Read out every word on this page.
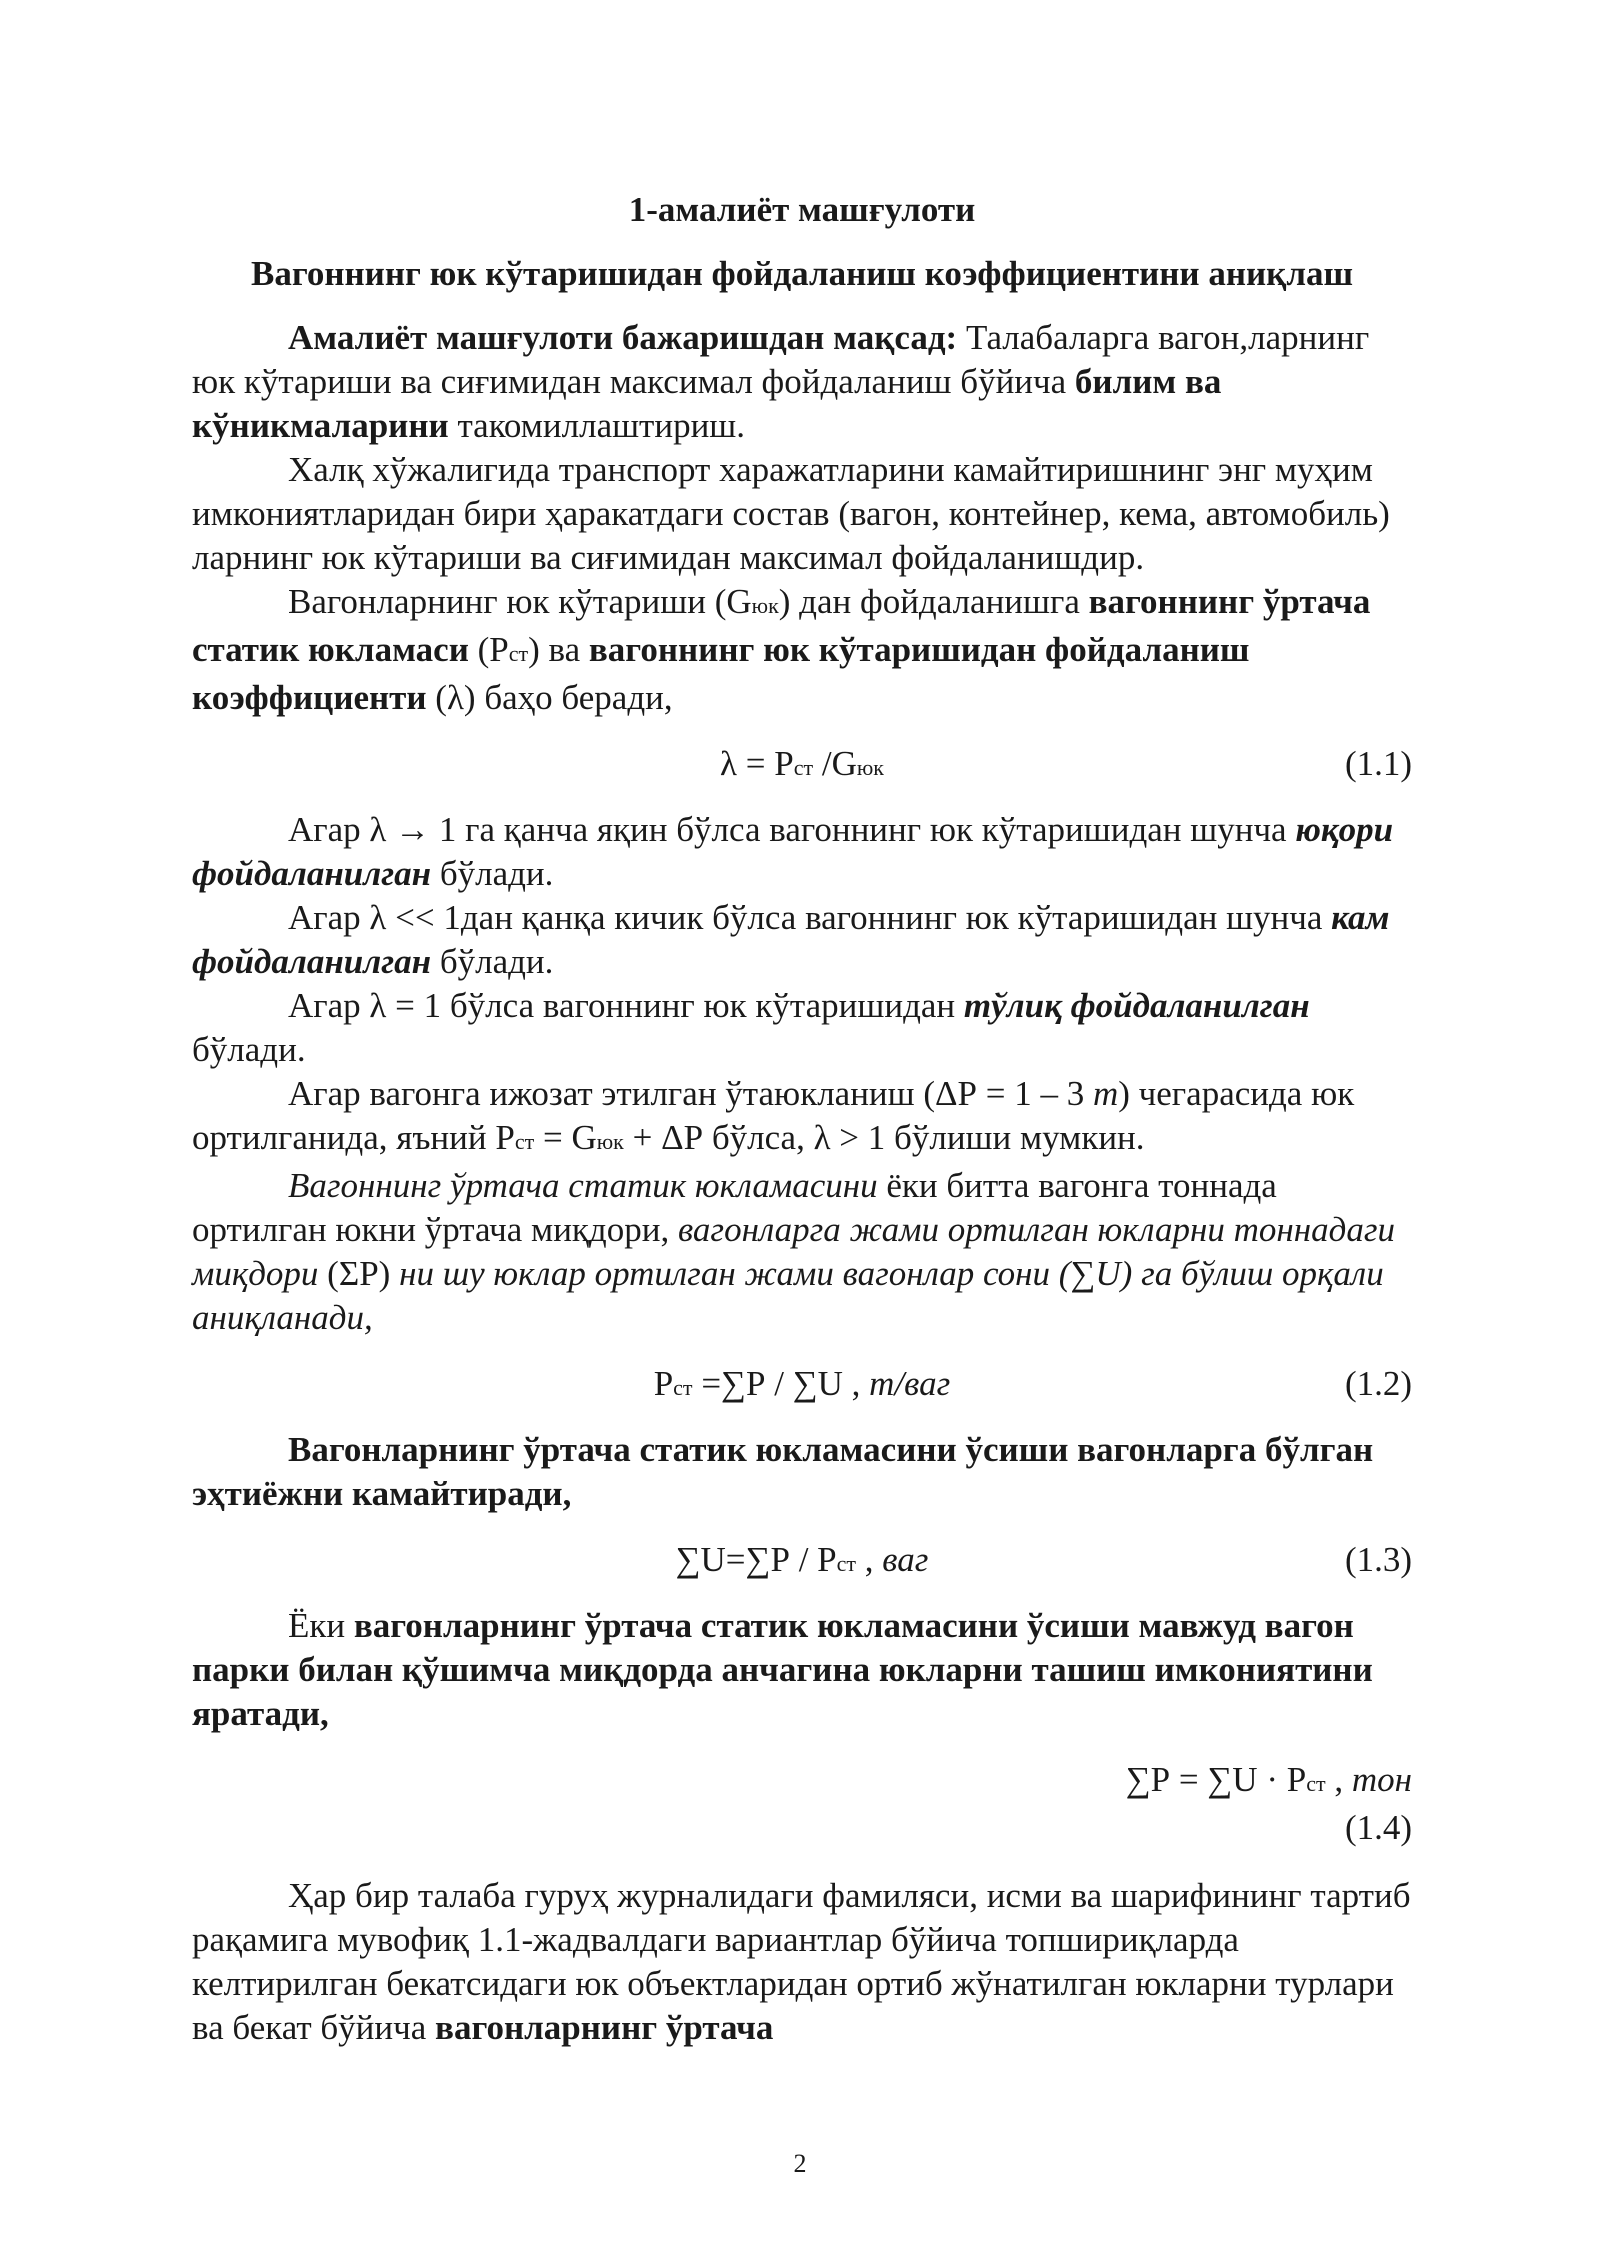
1-амалиёт машғулоти

Вагоннинг юк кўтаришидан фойдаланиш коэффициентини аниқлаш

Амалиёт машғулоти бажаришдан мақсад: Талабаларга вагон,ларнинг юк кўтариши ва сиғимидан максимал фойдаланиш бўйича билим ва кўникмаларини такомиллаштириш.

Халқ хўжалигида транспорт харажатларини камайтиришнинг энг муҳим имкониятларидан бири ҳаракатдаги состав (вагон, контейнер, кема, автомобиль) ларнинг юк кўтариши ва сиғимидан максимал фойдаланишдир.

Вагонларнинг юк кўтариши (Gюк) дан фойдаланишга вагоннинг ўртача статик юкламаси (Рст) ва вагоннинг юк кўтаришидан фойдаланиш коэффициенти (λ) баҳо беради,

λ = Рст /Gюк	(1.1)

Агар λ → 1 га қанча яқин бўлса вагоннинг юк кўтаришидан шунча юқори фойдаланилган бўлади.

Агар λ << 1дан қанқа кичик бўлса вагоннинг юк кўтаришидан шунча кам фойдаланилган бўлади.

Агар λ = 1 бўлса вагоннинг юк кўтаришидан тўлиқ фойдаланилган бўлади.

Агар вагонга ижозат этилган ўтаюкланиш (ΔР = 1 – 3 т) чегарасида юк ортилганида, яъний Рст = Gюк + ΔР бўлса, λ > 1 бўлиши мумкин.

Вагоннинг ўртача статик юкламасини ёки битта вагонга тоннада ортилган юкни ўртача миқдори, вагонларга жами ортилган юкларни тоннадаги миқдори (ΣР) ни шу юклар ортилган жами вагонлар сони (∑U) га бўлиш орқали аниқланади,

Рст =∑Р / ∑U , т/ваг	(1.2)

Вагонларнинг ўртача статик юкламасини ўсиши вагонларга бўлган эҳтиёжни камайтиради,

∑U=∑Р / Рст , ваг	(1.3)

Ёки вагонларнинг ўртача статик юкламасини ўсиши мавжуд вагон парки билан қўшимча миқдорда анчагина юкларни ташиш имкониятини яратади,

∑Р = ∑U · Рст , тон
(1.4)

Ҳар бир талаба гуруҳ журналидаги фамиляси, исми ва шарифининг тартиб рақамига мувофиқ 1.1-жадвалдаги вариантлар бўйича топшириқларда келтирилган бекатсидаги юк объектларидан ортиб жўнатилган юкларни турлари ва бекат бўйича вагонларнинг ўртача

2
